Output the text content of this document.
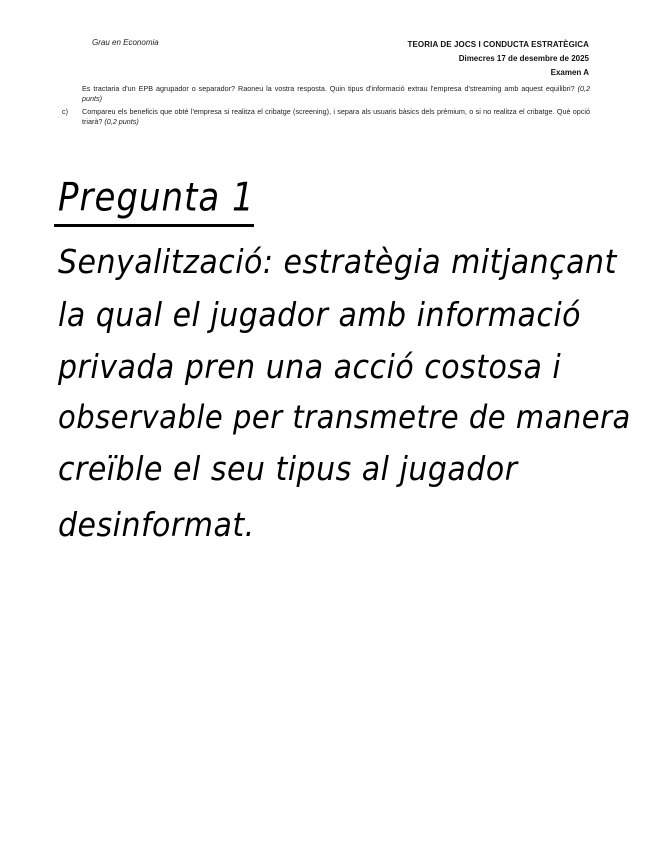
Grau en Economia	TEORIA DE JOCS I CONDUCTA ESTRATÈGICA
Dimecres 17 de desembre de 2025
Examen A
Es tractaria d'un EPB agrupador o separador? Raoneu la vostra resposta. Quin tipus d'informació extrau l'empresa d'streaming amb aquest equilibri? (0,2 punts)
c)	Compareu els beneficis que obté l'empresa si realitza el cribatge (screening), i separa als usuaris bàsics dels prèmium, o si no realitza el cribatge. Què opció triarà? (0,2 punts)
Pregunta 1
Senyalització: estratègia mitjançant
la qual el jugador amb informació
privada pren una acció costosa i
observable per transmetre de manera
creïble el seu tipus al jugador
desinformat.
